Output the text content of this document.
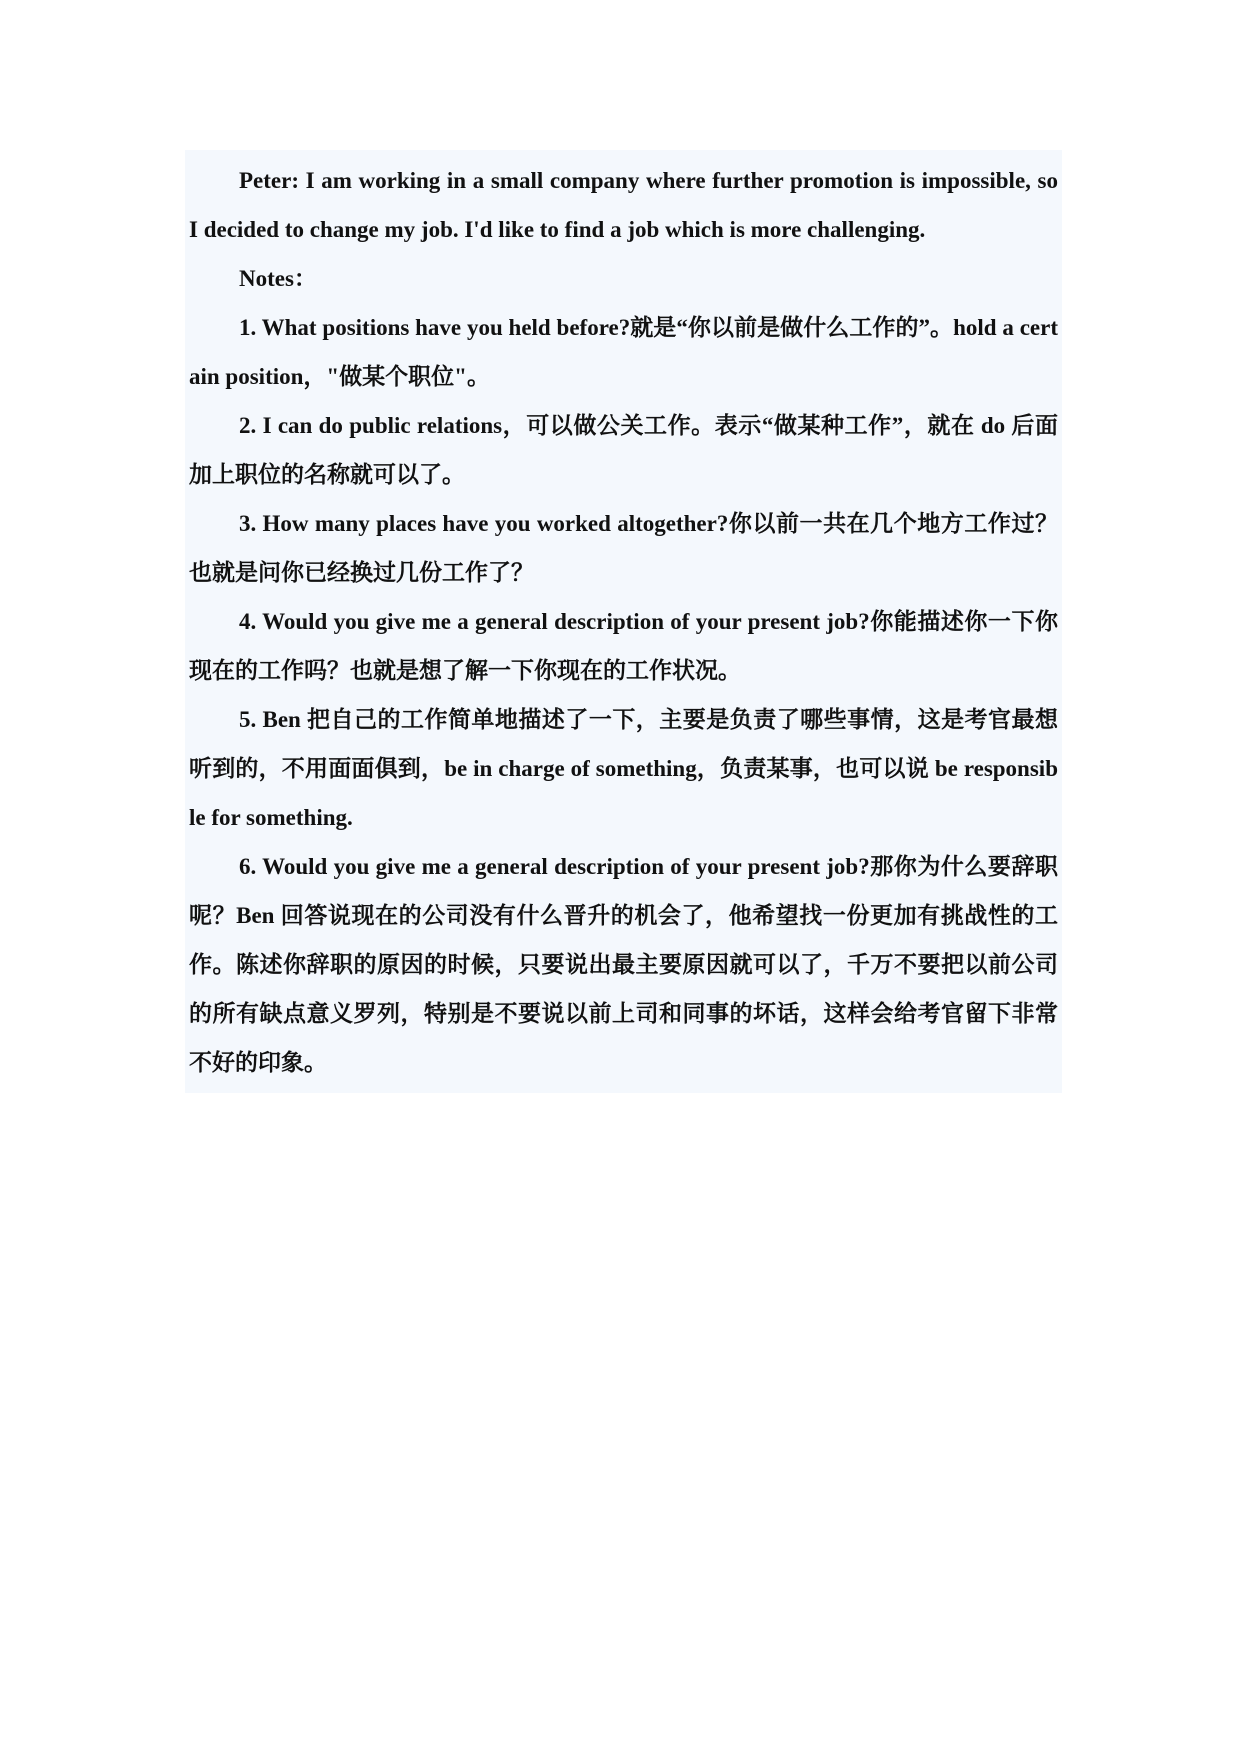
Peter: I am working in a small company where further promotion is impossible, so I decided to change my job. I'd like to find a job which is more challenging.

Notes：

1. What positions have you held before?就是“你以前是做什么工作的”。hold a certain position，"做某个职位"。

2. I can do public relations，可以做公关工作。表示“做某种工作”，就在 do 后面加上职位的名称就可以了。

3. How many places have you worked altogether?你以前一共在几个地方工作过？也就是问你已经换过几份工作了？

4. Would you give me a general description of your present job?你能描述你一下你现在的工作吗？也就是想了解一下你现在的工作状况。

5. Ben 把自己的工作简单地描述了一下，主要是负责了哪些事情，这是考官最想听到的，不用面面俱到，be in charge of something，负责某事，也可以说 be responsible for something.

6. Would you give me a general description of your present job?那你为什么要辞职呢？Ben 回答说现在的公司没有什么晋升的机会了，他希望找一份更加有挑战性的工作。陈述你辞职的原因的时候，只要说出最主要原因就可以了，千万不要把以前公司的所有缺点意义罗列，特别是不要说以前上司和同事的坏话，这样会给考官留下非常不好的印象。
